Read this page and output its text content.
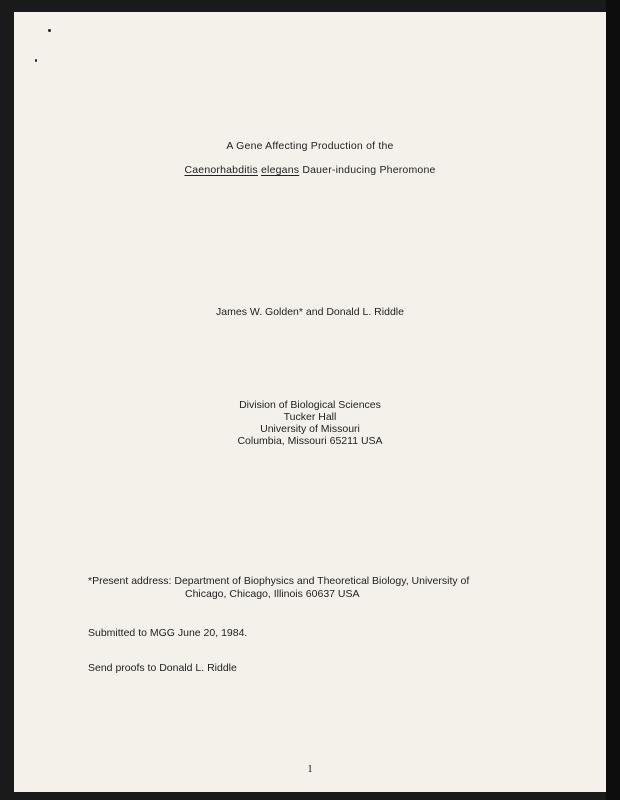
A Gene Affecting Production of the
Caenorhabditis elegans Dauer-inducing Pheromone
James W. Golden* and Donald L. Riddle
Division of Biological Sciences
Tucker Hall
University of Missouri
Columbia, Missouri 65211 USA
*Present address: Department of Biophysics and Theoretical Biology, University of
Chicago, Chicago, Illinois 60637 USA
Submitted to MGG June 20, 1984.
Send proofs to Donald L. Riddle
1
